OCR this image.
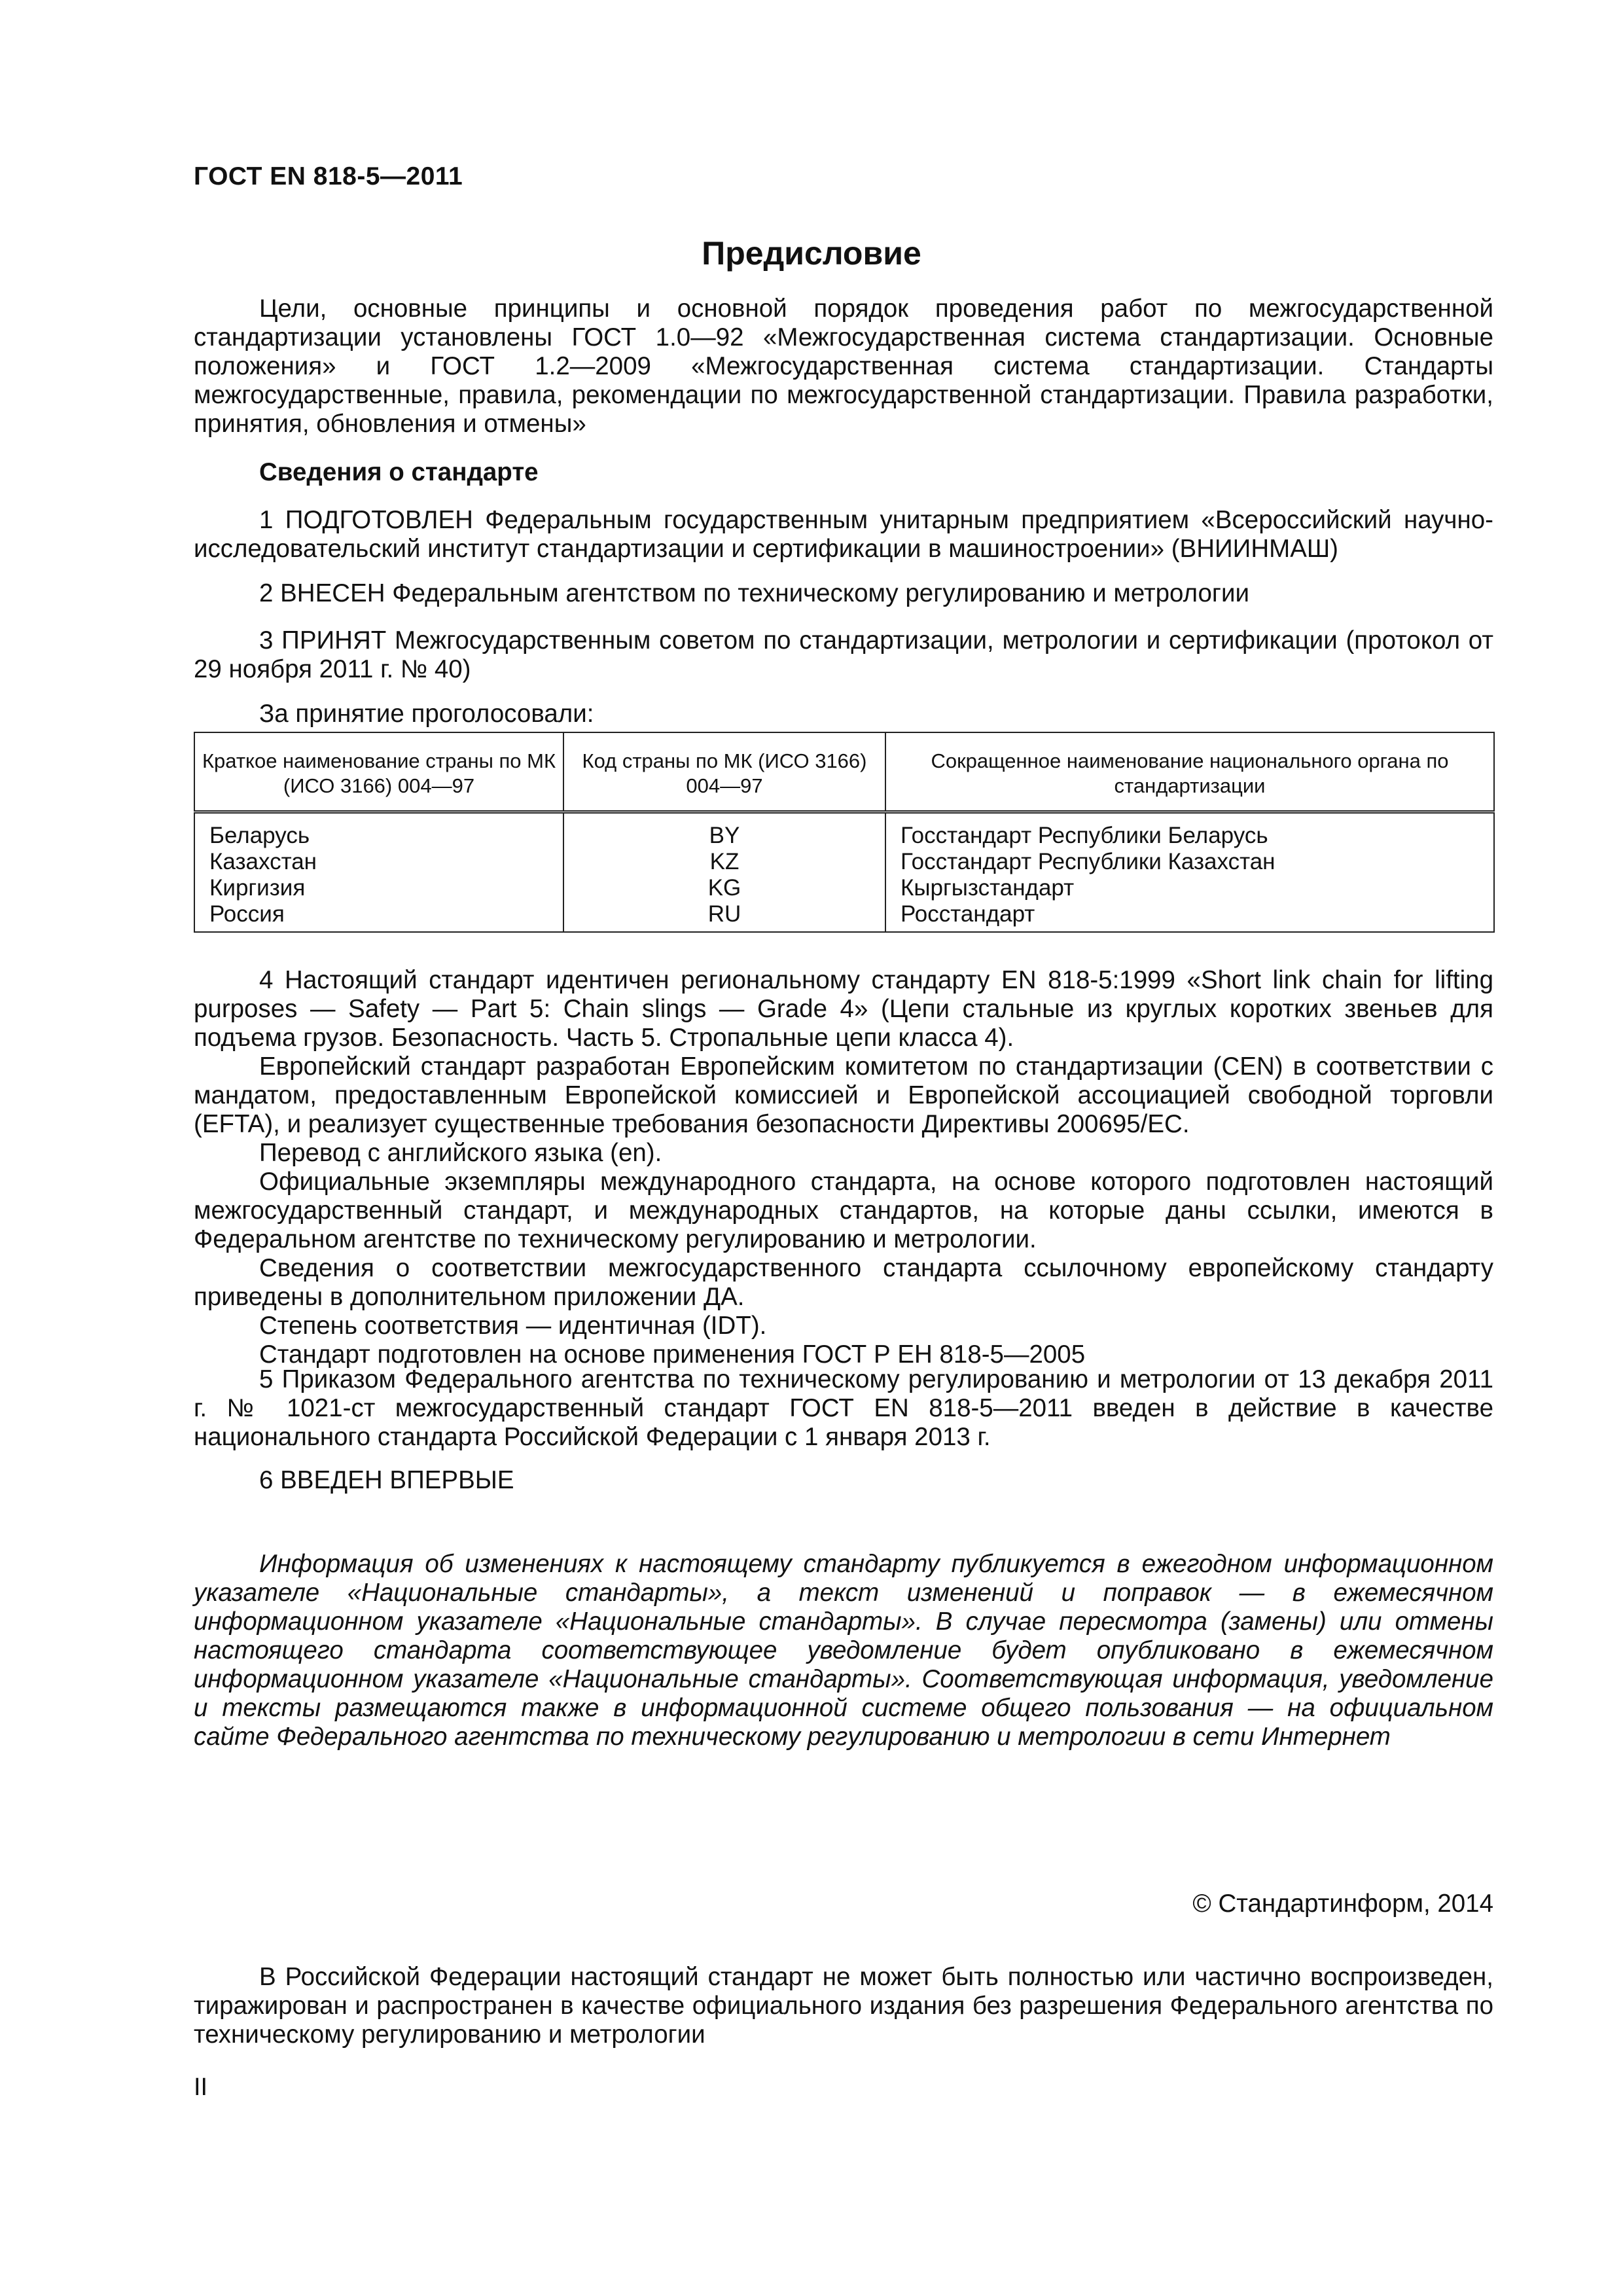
ГОСТ EN 818-5—2011
Предисловие
Цели, основные принципы и основной порядок проведения работ по межгосударственной стандартизации установлены ГОСТ 1.0—92 «Межгосударственная система стандартизации. Основные положения» и ГОСТ 1.2—2009 «Межгосударственная система стандартизации. Стандарты межгосударственные, правила, рекомендации по межгосударственной стандартизации. Правила разработки, принятия, обновления и отмены»
Сведения о стандарте
1 ПОДГОТОВЛЕН Федеральным государственным унитарным предприятием «Всероссийский научно-исследовательский институт стандартизации и сертификации в машиностроении» (ВНИИНМАШ)
2 ВНЕСЕН Федеральным агентством по техническому регулированию и метрологии
3 ПРИНЯТ Межгосударственным советом по стандартизации, метрологии и сертификации (протокол от 29 ноября 2011 г. № 40)
За принятие проголосовали:
Краткое наименование страны по МК (ИСО 3166) 004—97	Код страны по МК (ИСО 3166) 004—97	Сокращенное наименование национального органа по стандартизации
Беларусь	BY	Госстандарт Республики Беларусь
Казахстан	KZ	Госстандарт Республики Казахстан
Киргизия	KG	Кыргызстандарт
Россия	RU	Росстандарт

4 Настоящий стандарт идентичен региональному стандарту EN 818-5:1999 «Short link chain for lifting purposes — Safety — Part 5: Chain slings — Grade 4» (Цепи стальные из круглых коротких звеньев для подъема грузов. Безопасность. Часть 5. Стропальные цепи класса 4).

Европейский стандарт разработан Европейским комитетом по стандартизации (CEN) в соответствии с мандатом, предоставленным Европейской комиссией и Европейской ассоциацией свободной торговли (EFTA), и реализует существенные требования безопасности Директивы 200695/ЕС.

Перевод с английского языка (en).

Официальные экземпляры международного стандарта, на основе которого подготовлен настоящий межгосударственный стандарт, и международных стандартов, на которые даны ссылки, имеются в Федеральном агентстве по техническому регулированию и метрологии.

Сведения о соответствии межгосударственного стандарта ссылочному европейскому стандарту приведены в дополнительном приложении ДА.

Степень соответствия — идентичная (IDT).

Стандарт подготовлен на основе применения ГОСТ Р ЕН 818-5—2005

5 Приказом Федерального агентства по техническому регулированию и метрологии от 13 декабря 2011 г. № 1021-ст межгосударственный стандарт ГОСТ EN 818-5—2011 введен в действие в качестве национального стандарта Российской Федерации с 1 января 2013 г.
6 ВВЕДЕН ВПЕРВЫЕ
Информация об изменениях к настоящему стандарту публикуется в ежегодном информационном указателе «Национальные стандарты», а текст изменений и поправок — в ежемесячном информационном указателе «Национальные стандарты». В случае пересмотра (замены) или отмены настоящего стандарта соответствующее уведомление будет опубликовано в ежемесячном информационном указателе «Национальные стандарты». Соответствующая информация, уведомление и тексты размещаются также в информационной системе общего пользования — на официальном сайте Федерального агентства по техническому регулированию и метрологии в сети Интернет
© Стандартинформ, 2014
В Российской Федерации настоящий стандарт не может быть полностью или частично воспроизведен, тиражирован и распространен в качестве официального издания без разрешения Федерального агентства по техническому регулированию и метрологии
II
